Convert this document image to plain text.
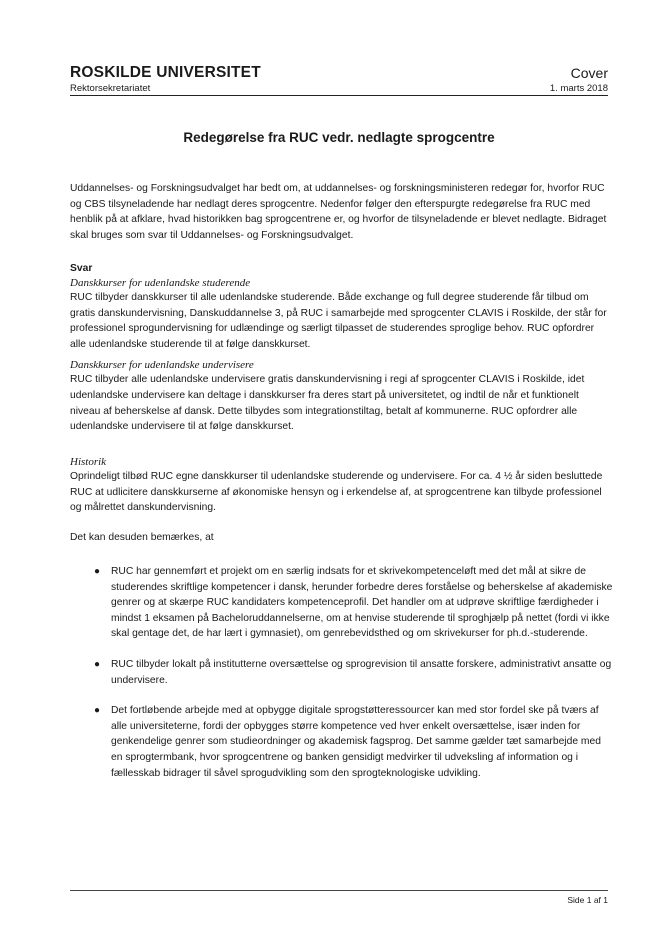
ROSKILDE UNIVERSITET
Rektorsekretariatet
Cover
1. marts 2018
Redegørelse fra RUC vedr. nedlagte sprogcentre

Uddannelses- og Forskningsudvalget har bedt om, at uddannelses- og forskningsministeren redegør for, hvorfor RUC og CBS tilsyneladende har nedlagt deres sprogcentre. Nedenfor følger den efterspurgte redegørelse fra RUC med henblik på at afklare, hvad historikken bag sprogcentrene er, og hvorfor de tilsyneladende er blevet nedlagte. Bidraget skal bruges som svar til Uddannelses- og Forskningsudvalget.

Svar

Danskkurser for udenlandske studerende

RUC tilbyder danskkurser til alle udenlandske studerende. Både exchange og full degree studerende får tilbud om gratis danskundervisning, Danskuddannelse 3, på RUC i samarbejde med sprogcenter CLAVIS i Roskilde, der står for professionel sprogundervisning for udlændinge og særligt tilpasset de studerendes sproglige behov. RUC opfordrer alle udenlandske studerende til at følge danskkurset.

Danskkurser for udenlandske undervisere

RUC tilbyder alle udenlandske undervisere gratis danskundervisning i regi af sprogcenter CLAVIS i Roskilde, idet udenlandske undervisere kan deltage i danskkurser fra deres start på universitetet, og indtil de når et funktionelt niveau af beherskelse af dansk. Dette tilbydes som integrationstiltag, betalt af kommunerne. RUC opfordrer alle udenlandske undervisere til at følge danskkurset.

Historik

Oprindeligt tilbød RUC egne danskkurser til udenlandske studerende og undervisere. For ca. 4 ½ år siden besluttede RUC at udlicitere danskkurserne af økonomiske hensyn og i erkendelse af, at sprogcentrene kan tilbyde professionel og målrettet danskundervisning.

Det kan desuden bemærkes, at

● RUC har gennemført et projekt om en særlig indsats for et skrivekompetenceløft med det mål at sikre de studerendes skriftlige kompetencer i dansk, herunder forbedre deres forståelse og beherskelse af akademiske genrer og at skærpe RUC kandidaters kompetenceprofil. Det handler om at udprøve skriftlige færdigheder i mindst 1 eksamen på Bacheloruddannelserne, om at henvise studerende til sproghjælp på nettet (fordi vi ikke skal gentage det, de har lært i gymnasiet), om genrebevidsthed og om skrivekurser for ph.d.-studerende.
● RUC tilbyder lokalt på institutterne oversættelse og sprogrevision til ansatte forskere, administrativt ansatte og undervisere.
● Det fortløbende arbejde med at opbygge digitale sprogstøtteressourcer kan med stor fordel ske på tværs af alle universiteterne, fordi der opbygges større kompetence ved hver enkelt oversættelse, især inden for genkendelige genrer som studieordninger og akademisk fagsprog. Det samme gælder tæt samarbejde med en sprogtermbank, hvor sprogcentrene og banken gensidigt medvirker til udveksling af information og i fællesskab bidrager til såvel sprogudvikling som den sprogteknologiske udvikling.
Side 1 af 1
